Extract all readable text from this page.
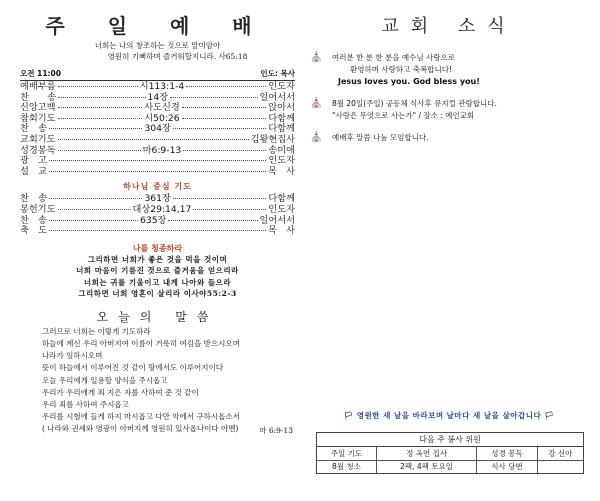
주 일 예 배
너희는 나의 창조하는 것으로 말미암아
영원히 기뻐하며 즐거워할지니라. 사65:18
오전 11:00	인도: 목사
예배부름	시113:1-4	인도자
찬　　송	14장	일어서서
신앙고백	사도신경	앉아서
참회기도	시50:26	다함께
찬　송	304장	다함께
교회기도	김왕현집사
성경봉독	마6:9-13	송미애
광　고	인도자
설　교	목　사
하나님 중심 기도
찬　송	361장	다함께
봉헌기도	대상29:14,17	인도자
찬　송	635장	일어서서
축　도	목　사
나를 청종하라
그리하면 너희가 좋은 것을 먹을 것이며
너희 마음이 기름진 것으로 즐거움을 얻으리라
너희는 귀를 기울이고 내게 나아와 들으라
그리하면 너희 영혼이 살리라 이사야55:2-3
오늘의 말씀
그러므로 너희는 이렇게 기도하라
하늘에 계신 우리 아버지여 이름이 거룩히 여김을 받으시오며
나라가 임하시오며
뜻이 하늘에서 이루어진 것 같이 땅에서도 이루어지이다
오늘 우리에게 일용할 양식을 주시옵고
우리가 우리에게 죄 지은 자를 사하여 준 것 같이
우리 죄를 사하여 주시옵고
우리를 시험에 들게 하지 마시옵고 다만 악에서 구하시옵소서
( 나라와 권세와 영광이 아버지께 영원히 있사옵나이다 아멘)	마 6:9-13
교회 소식
⛪	여러분 한 분 한 분을 예수님 사랑으로
환영하며 사랑하고 축복합니다!
Jesus loves you. God bless you!
⛪	8월 20일(주일) 공동체 식사후 뮤지컬 관람합니다.
"사랑은 무엇으로 사는가" / 장소 : 예인교회
⛪	예배후 말씀 나눔 모임합니다.
🏳 영원한 새 날을 바라보며 날마다 새 날을 살아갑니다 🏳
다음 주 봉사 위원
주일 기도	정 옥연 집사	성경 봉독	강 선아
8월 청소	2팩, 4팩 토요일	식사 당번	
